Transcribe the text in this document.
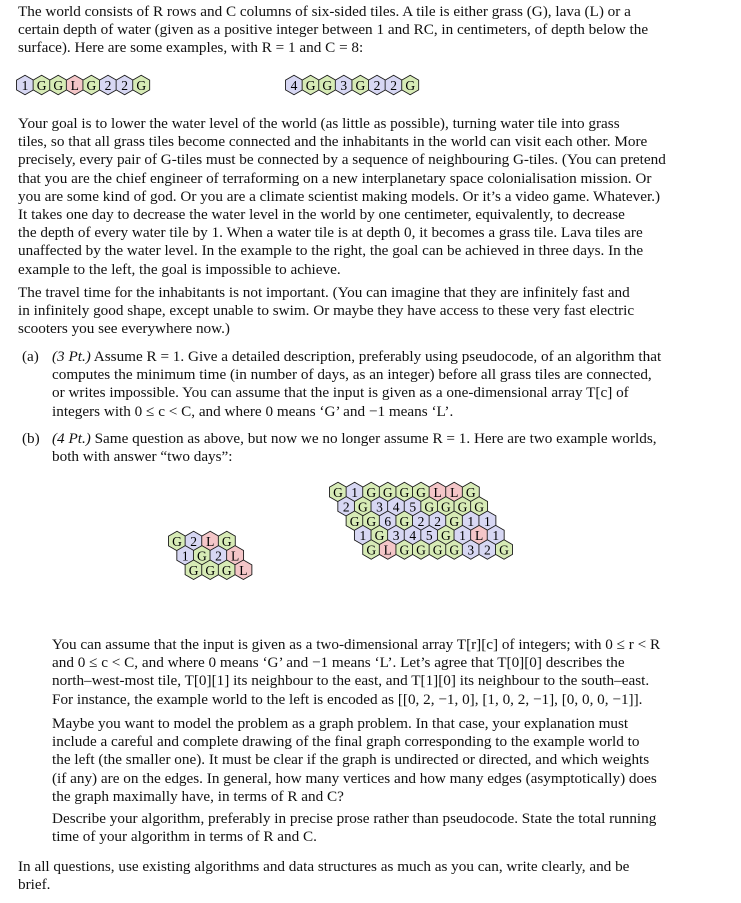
The world consists of R rows and C columns of six-sided tiles. A tile is either grass (G), lava (L) or a

certain depth of water (given as a positive integer between 1 and RC, in centimeters, of depth below the

surface). Here are some examples, with R = 1 and C = 8:

1 G G L G 2 2 G	4 G G 3 G 2 2 G

Your goal is to lower the water level of the world (as little as possible), turning water tile into grass

tiles, so that all grass tiles become connected and the inhabitants in the world can visit each other. More

precisely, every pair of G-tiles must be connected by a sequence of neighbouring G-tiles. (You can pretend

that you are the chief engineer of terraforming on a new interplanetary space colonialisation mission. Or

you are some kind of god. Or you are a climate scientist making models. Or it’s a video game. Whatever.)

It takes one day to decrease the water level in the world by one centimeter, equivalently, to decrease

the depth of every water tile by 1. When a water tile is at depth 0, it becomes a grass tile. Lava tiles are

unaffected by the water level. In the example to the right, the goal can be achieved in three days. In the

example to the left, the goal is impossible to achieve.

The travel time for the inhabitants is not important. (You can imagine that they are infinitely fast and

in infinitely good shape, except unable to swim. Or maybe they have access to these very fast electric

scooters you see everywhere now.)

(a) (3 Pt.) Assume R = 1. Give a detailed description, preferably using pseudocode, of an algorithm that

computes the minimum time (in number of days, as an integer) before all grass tiles are connected,

or writes impossible. You can assume that the input is given as a one-dimensional array T[c] of

integers with 0 ≤ c < C, and where 0 means ‘G’ and −1 means ‘L’.

(b) (4 Pt.) Same question as above, but now we no longer assume R = 1. Here are two example worlds,

both with answer “two days”:

G 2 L G
1 G 2 L
G G G L
G 1 G G G G L L G
2 G 3 4 5 G G G G
G G 6 G 2 2 G 1 1
1 G 3 4 5 G 1 L 1
G L G G G G 3 2 G

You can assume that the input is given as a two-dimensional array T[r][c] of integers; with 0 ≤ r < R

and 0 ≤ c < C, and where 0 means ‘G’ and −1 means ‘L’. Let’s agree that T[0][0] describes the

north–west-most tile, T[0][1] its neighbour to the east, and T[1][0] its neighbour to the south–east.

For instance, the example world to the left is encoded as [[0, 2, −1, 0], [1, 0, 2, −1], [0, 0, 0, −1]].

Maybe you want to model the problem as a graph problem. In that case, your explanation must

include a careful and complete drawing of the final graph corresponding to the example world to

the left (the smaller one). It must be clear if the graph is undirected or directed, and which weights

(if any) are on the edges. In general, how many vertices and how many edges (asymptotically) does

the graph maximally have, in terms of R and C?

Describe your algorithm, preferably in precise prose rather than pseudocode. State the total running

time of your algorithm in terms of R and C.

In all questions, use existing algorithms and data structures as much as you can, write clearly, and be

brief.
